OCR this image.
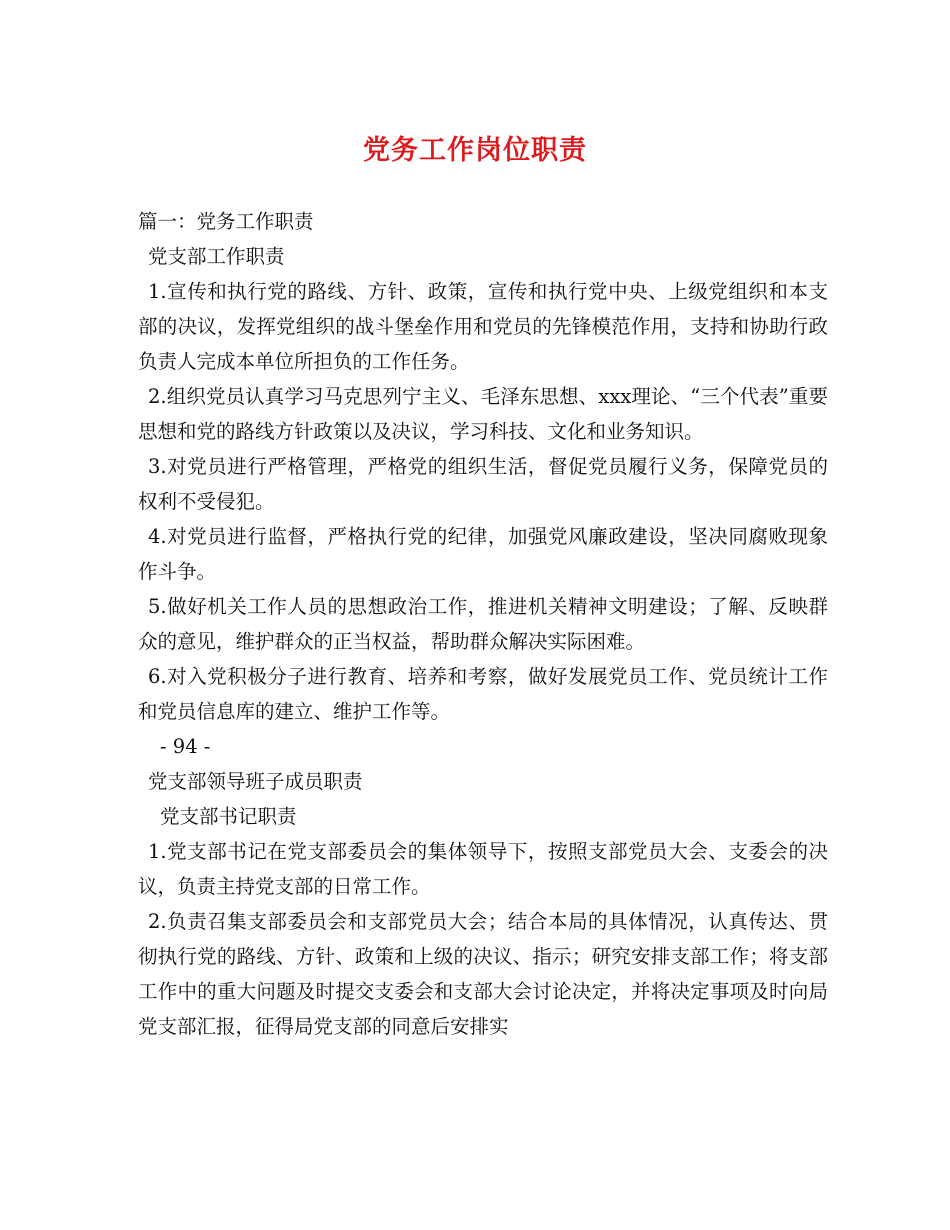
党务工作岗位职责

篇一：党务工作职责

党支部工作职责

1.宣传和执行党的路线、方针、政策，宣传和执行党中央、上级党组织和本支部的决议，发挥党组织的战斗堡垒作用和党员的先锋模范作用，支持和协助行政负责人完成本单位所担负的工作任务。

2.组织党员认真学习马克思列宁主义、毛泽东思想、xxx理论、“三个代表”重要思想和党的路线方针政策以及决议，学习科技、文化和业务知识。

3.对党员进行严格管理，严格党的组织生活，督促党员履行义务，保障党员的权利不受侵犯。

4.对党员进行监督，严格执行党的纪律，加强党风廉政建设，坚决同腐败现象作斗争。

5.做好机关工作人员的思想政治工作，推进机关精神文明建设；了解、反映群众的意见，维护群众的正当权益，帮助群众解决实际困难。

6.对入党积极分子进行教育、培养和考察，做好发展党员工作、党员统计工作和党员信息库的建立、维护工作等。

- 94 -

党支部领导班子成员职责

党支部书记职责

1.党支部书记在党支部委员会的集体领导下，按照支部党员大会、支委会的决议，负责主持党支部的日常工作。

2.负责召集支部委员会和支部党员大会；结合本局的具体情况，认真传达、贯彻执行党的路线、方针、政策和上级的决议、指示；研究安排支部工作；将支部工作中的重大问题及时提交支委会和支部大会讨论决定，并将决定事项及时向局党支部汇报，征得局党支部的同意后安排实
